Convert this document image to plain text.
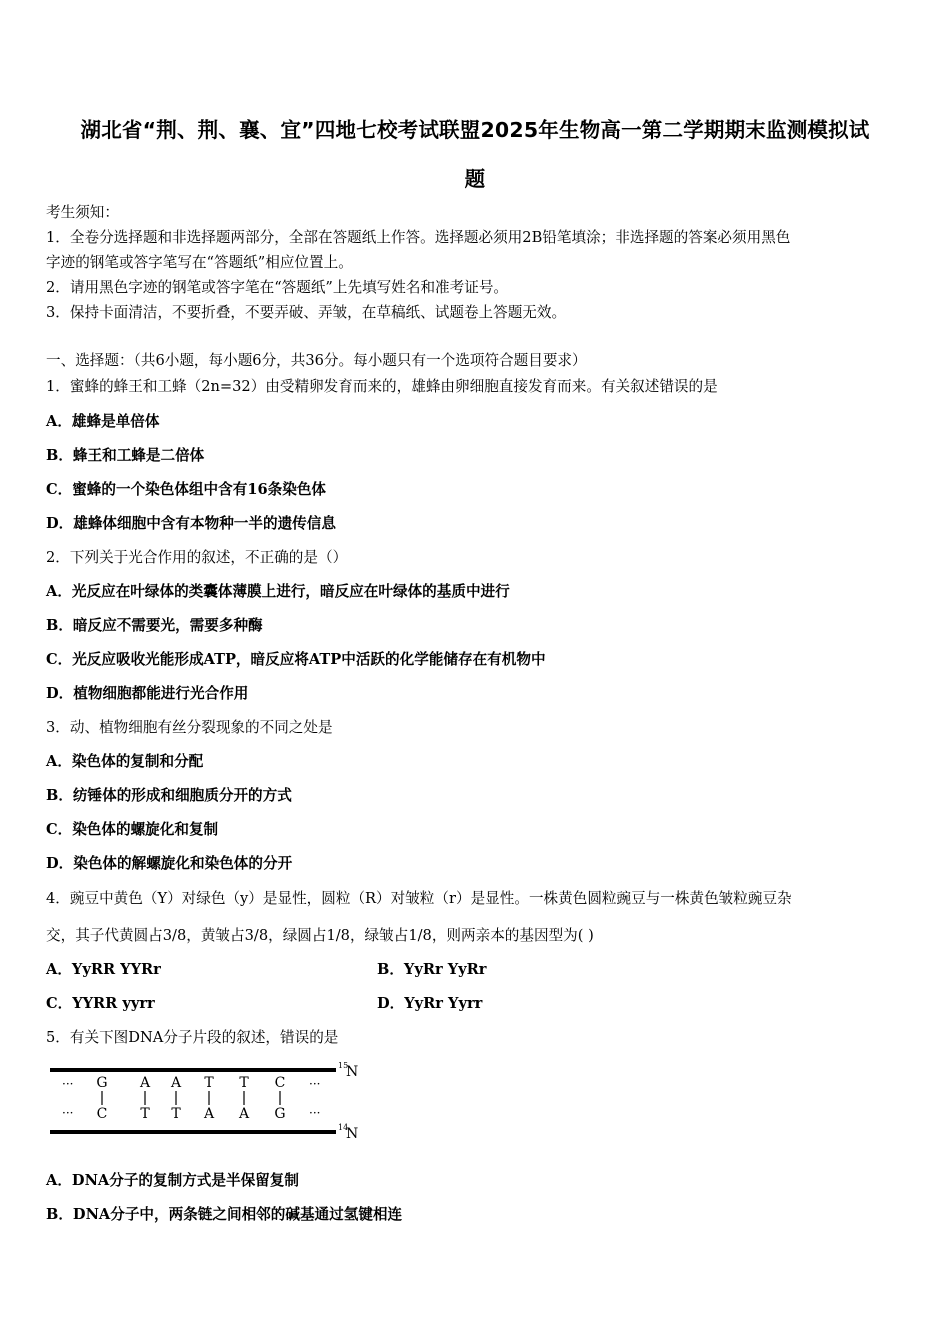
湖北省“荆、荆、襄、宜”四地七校考试联盟2025年生物高一第二学期期末监测模拟试
题
考生须知：
1．全卷分选择题和非选择题两部分，全部在答题纸上作答。选择题必须用2B铅笔填涂；非选择题的答案必须用黑色
字迹的钢笔或答字笔写在“答题纸”相应位置上。
2．请用黑色字迹的钢笔或答字笔在“答题纸”上先填写姓名和准考证号。
3．保持卡面清洁，不要折叠，不要弄破、弄皱，在草稿纸、试题卷上答题无效。
一、选择题：（共6小题，每小题6分，共36分。每小题只有一个选项符合题目要求）
1．蜜蜂的蜂王和工蜂（2n=32）由受精卵发育而来的，雄蜂由卵细胞直接发育而来。有关叙述错误的是
A．雄蜂是单倍体
B．蜂王和工蜂是二倍体
C．蜜蜂的一个染色体组中含有16条染色体
D．雄蜂体细胞中含有本物种一半的遗传信息
2．下列关于光合作用的叙述，不正确的是（）
A．光反应在叶绿体的类囊体薄膜上进行，暗反应在叶绿体的基质中进行
B．暗反应不需要光，需要多种酶
C．光反应吸收光能形成ATP，暗反应将ATP中活跃的化学能储存在有机物中
D．植物细胞都能进行光合作用
3．动、植物细胞有丝分裂现象的不同之处是
A．染色体的复制和分配
B．纺锤体的形成和细胞质分开的方式
C．染色体的螺旋化和复制
D．染色体的解螺旋化和染色体的分开
4．豌豆中黄色（Y）对绿色（y）是显性，圆粒（R）对皱粒（r）是显性。一株黄色圆粒豌豆与一株黄色皱粒豌豆杂
交，其子代黄圆占3/8，黄皱占3/8，绿圆占1/8，绿皱占1/8，则两亲本的基因型为( )
A．YyRR YYRr	B．YyRr YyRr
C．YYRR yyrr	D．YyRr Yyrr
5．有关下图DNA分子片段的叙述，错误的是
···
···
···
···
G A A T T C
C T T A A G
15
N
14
N
A．DNA分子的复制方式是半保留复制
B．DNA分子中，两条链之间相邻的碱基通过氢键相连
